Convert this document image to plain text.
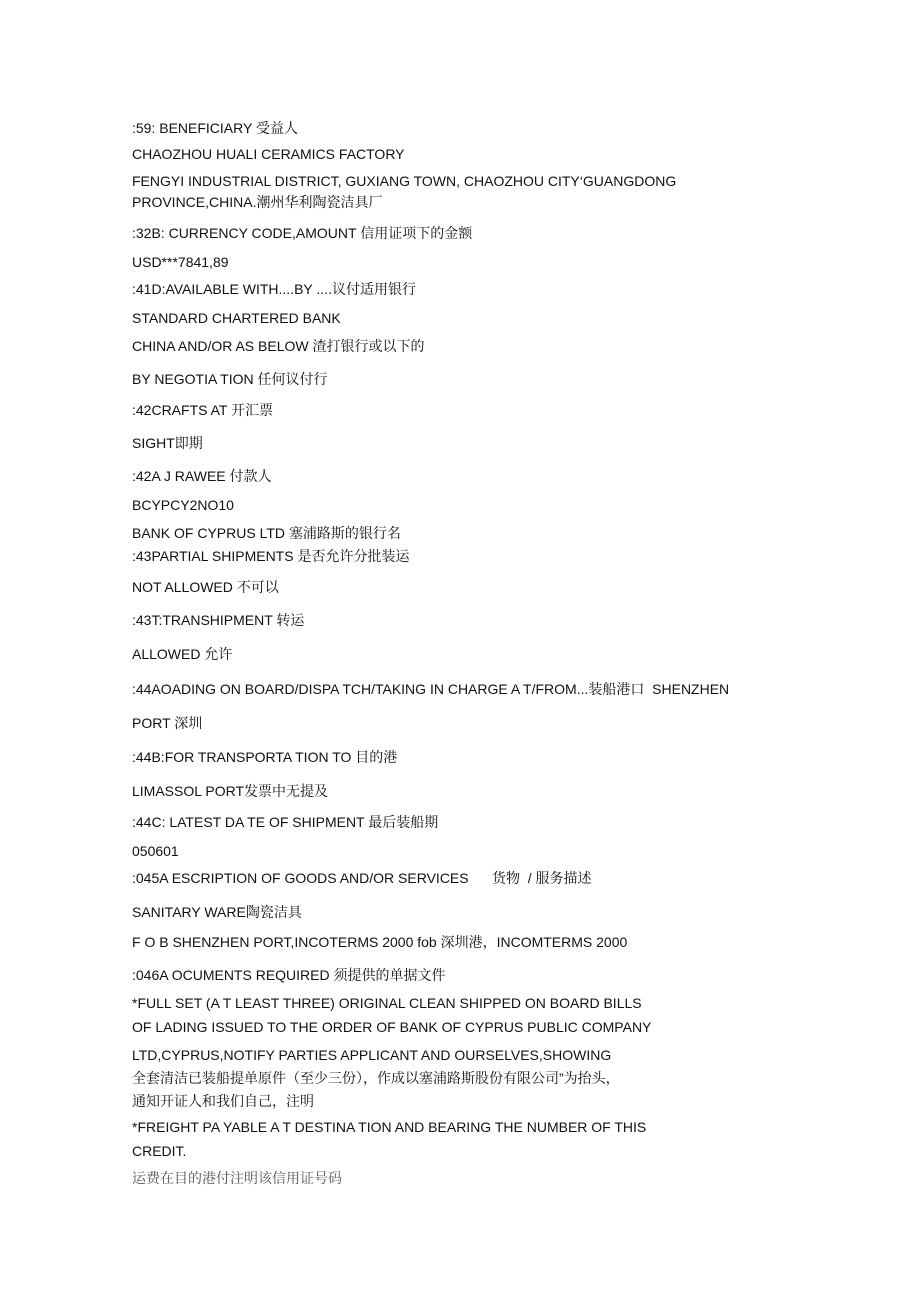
:59: BENEFICIARY 受益人
CHAOZHOU HUALI CERAMICS FACTORY
FENGYI INDUSTRIAL DISTRICT, GUXIANG TOWN, CHAOZHOU CITY‘GUANGDONG
PROVINCE,CHINA.潮州华利陶瓷洁具厂
:32B: CURRENCY CODE,AMOUNT 信用证项下的金额
USD***7841,89
:41D:AVAILABLE WITH....BY ....议付适用银行
STANDARD CHARTERED BANK
CHINA AND/OR AS BELOW 渣打银行或以下的
BY NEGOTIA TION 任何议付行
:42CRAFTS AT 开汇票
SIGHT即期
:42A J RAWEE 付款人
BCYPCY2NO10
BANK OF CYPRUS LTD 塞浦路斯的银行名
:43PARTIAL SHIPMENTS 是否允许分批装运
NOT ALLOWED 不可以
:43T:TRANSHIPMENT 转运
ALLOWED 允许
:44AOADING ON BOARD/DISPA TCH/TAKING IN CHARGE A T/FROM...装船港口  SHENZHEN
PORT 深圳
:44B:FOR TRANSPORTA TION TO 目的港
LIMASSOL PORT发票中无提及
:44C: LATEST DA TE OF SHIPMENT 最后装船期
050601
:045A ESCRIPTION OF GOODS AND/OR SERVICES      货物  / 服务描述
SANITARY WARE陶瓷洁具
F O B SHENZHEN PORT,INCOTERMS 2000 fob 深圳港，INCOMTERMS 2000
:046A OCUMENTS REQUIRED 须提供的单据文件
*FULL SET (A T LEAST THREE) ORIGINAL CLEAN SHIPPED ON BOARD BILLS
OF LADING ISSUED TO THE ORDER OF BANK OF CYPRUS PUBLIC COMPANY
LTD,CYPRUS,NOTIFY PARTIES APPLICANT AND OURSELVES,SHOWING
全套清洁已装船提单原件（至少三份），作成以塞浦路斯股份有限公司”为抬头，
通知开证人和我们自己，注明
*FREIGHT PA YABLE A T DESTINA TION AND BEARING THE NUMBER OF THIS
CREDIT.
运费在目的港付注明该信用证号码
